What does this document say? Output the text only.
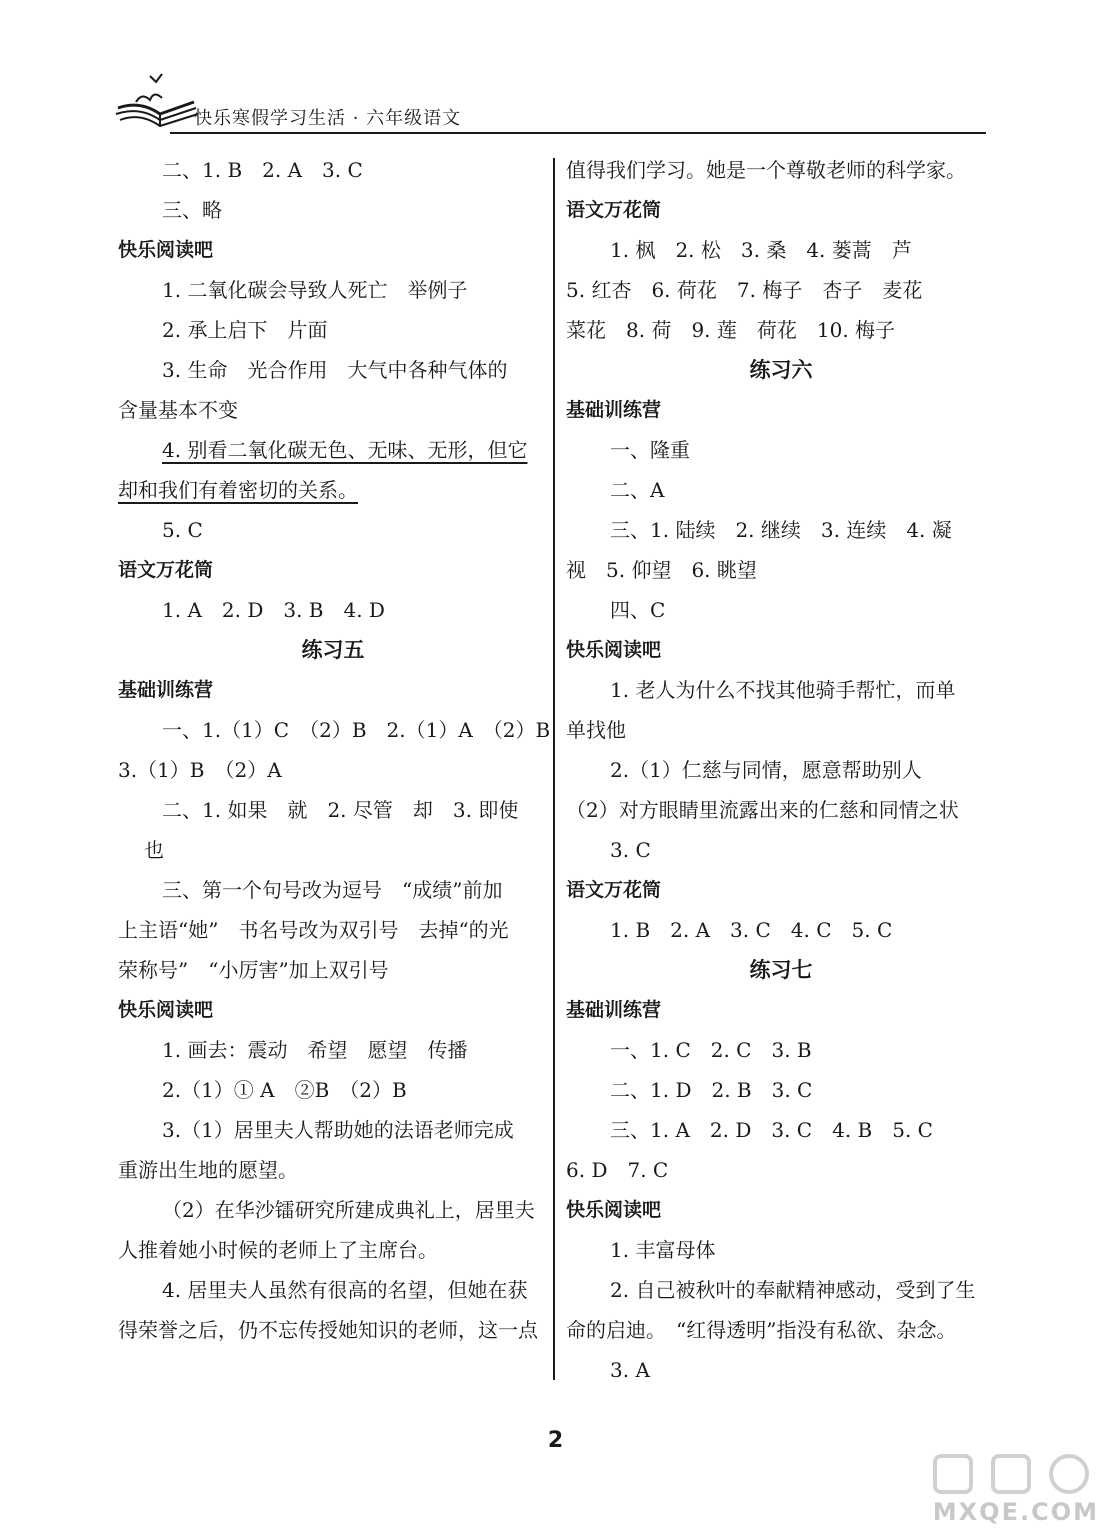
快乐寒假学习生活 · 六年级语文
二、1. B　2. A　3. C
三、略
快乐阅读吧
1. 二氧化碳会导致人死亡　举例子
2. 承上启下　片面
3. 生命　光合作用　大气中各种气体的
含量基本不变
4. 别看二氧化碳无色、无味、无形，但它
却和我们有着密切的关系。
5. C
语文万花筒
1. A　2. D　3. B　4. D
练习五
基础训练营
一、1.（1）C　（2）B　2.（1）A　（2）B
3.（1）B　（2）A
二、1. 如果　就　2. 尽管　却　3. 即使
也
三、第一个句号改为逗号　“成绩”前加
上主语“她”　书名号改为双引号　去掉“的光
荣称号”　“小厉害”加上双引号
快乐阅读吧
1. 画去：震动　希望　愿望　传播
2.（1）① A　②B　（2）B
3.（1）居里夫人帮助她的法语老师完成
重游出生地的愿望。
（2）在华沙镭研究所建成典礼上，居里夫
人推着她小时候的老师上了主席台。
4. 居里夫人虽然有很高的名望，但她在获
得荣誉之后，仍不忘传授她知识的老师，这一点
值得我们学习。她是一个尊敬老师的科学家。
语文万花筒
1. 枫　2. 松　3. 桑　4. 蒌蒿　芦
5. 红杏　6. 荷花　7. 梅子　杏子　麦花
菜花　8. 荷　9. 莲　荷花　10. 梅子
练习六
基础训练营
一、隆重
二、A
三、1. 陆续　2. 继续　3. 连续　4. 凝
视　5. 仰望　6. 眺望
四、C
快乐阅读吧
1. 老人为什么不找其他骑手帮忙，而单
单找他
2.（1）仁慈与同情，愿意帮助别人
（2）对方眼睛里流露出来的仁慈和同情之状
3. C
语文万花筒
1. B　2. A　3. C　4. C　5. C
练习七
基础训练营
一、1. C　2. C　3. B
二、1. D　2. B　3. C
三、1. A　2. D　3. C　4. B　5. C
6. D　7. C
快乐阅读吧
1. 丰富母体
2. 自己被秋叶的奉献精神感动，受到了生
命的启迪。　“红得透明”指没有私欲、杂念。
3. A
2
MXQE.COM
